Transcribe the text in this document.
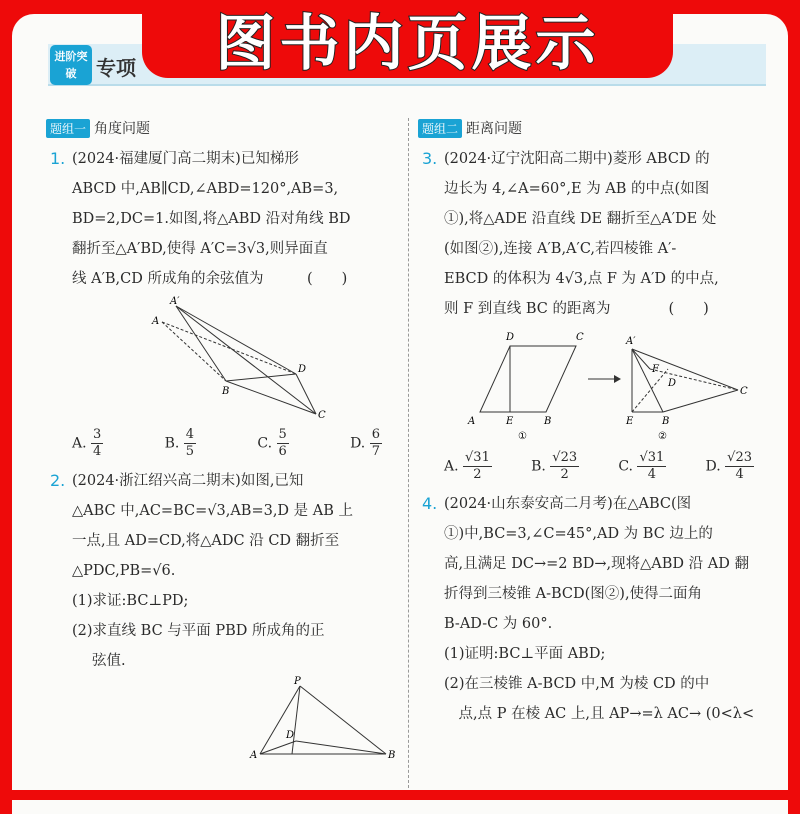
图书内页展示
进阶突破 专项
题组一 角度问题
1. (2024·福建厦门高二期末)已知梯形
ABCD 中,AB∥CD,∠ABD=120°,AB=3,
BD=2,DC=1.如图,将△ABD 沿对角线 BD
翻折至△A′BD,使得 A′C=3√3,则异面直
线 A′B,CD 所成角的余弦值为　　　(　　)
A′
A
B
D
C
A. $\frac{3}{4}$	B. $\frac{4}{5}$	C. $\frac{5}{6}$	D. $\frac{6}{7}$
2. (2024·浙江绍兴高二期末)如图,已知
△ABC 中,AC=BC=√3,AB=3,D 是 AB 上
一点,且 AD=CD,将△ADC 沿 CD 翻折至
△PDC,PB=√6.
(1)求证:BC⊥PD;
(2)求直线 BC 与平面 PBD 所成角的正
弦值.
P
D
A	B
题组二 距离问题
3. (2024·辽宁沈阳高二期中)菱形 ABCD 的
边长为 4,∠A=60°,E 为 AB 的中点(如图
①),将△ADE 沿直线 DE 翻折至△A′DE 处
(如图②),连接 A′B,A′C,若四棱锥 A′-
EBCD 的体积为 4√3,点 F 为 A′D 的中点,
则 F 到直线 BC 的距离为　　　　(　　)
D	C
A	E	B
①
A′
F
D
E	B
C
②
A. $\frac{√31}{2}$	B. $\frac{√23}{2}$	C. $\frac{√31}{4}$	D. $\frac{√23}{4}$
4. (2024·山东泰安高二月考)在△ABC(图
①)中,BC=3,∠C=45°,AD 为 BC 边上的
高,且满足 DC→=2 BD→,现将△ABD 沿 AD 翻
折得到三棱锥 A-BCD(图②),使得二面角
B-AD-C 为 60°.
(1)证明:BC⊥平面 ABD;
(2)在三棱锥 A-BCD 中,M 为棱 CD 的中
　点,点 P 在棱 AC 上,且 AP→=λ AC→ (0<λ<
